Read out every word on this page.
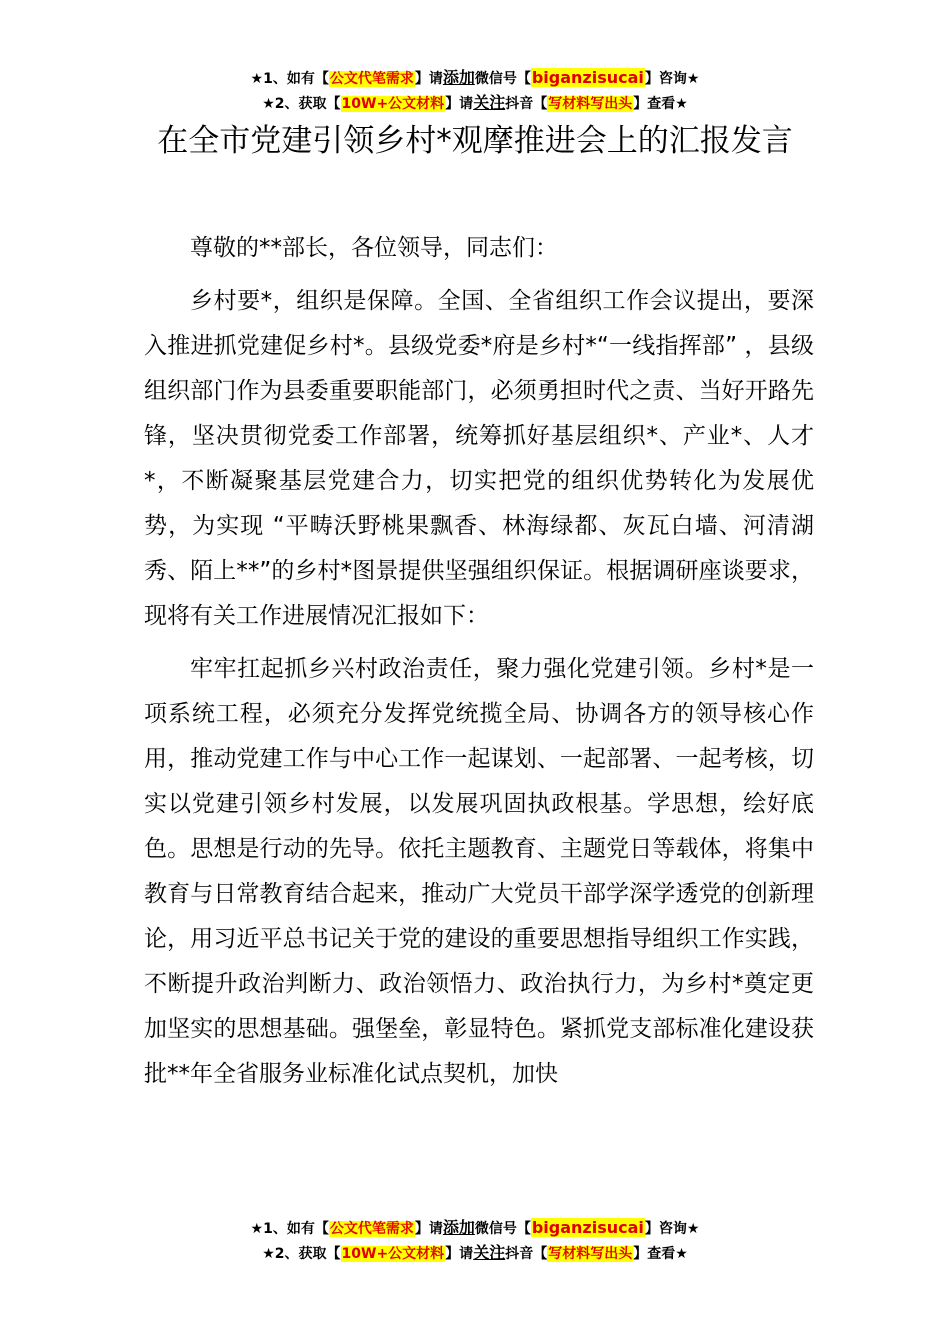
★1、如有【公文代笔需求】请添加微信号【biganzisucai】咨询★
★2、获取【10W+公文材料】请关注抖音【写材料写出头】查看★
在全市党建引领乡村*观摩推进会上的汇报发言

尊敬的**部长，各位领导，同志们：

乡村要*，组织是保障。全国、全省组织工作会议提出，要深入推进抓党建促乡村*。县级党委*府是乡村*“一线指挥部” ，县级组织部门作为县委重要职能部门，必须勇担时代之责、当好开路先锋，坚决贯彻党委工作部署，统筹抓好基层组织*、产业*、人才*，不断凝聚基层党建合力，切实把党的组织优势转化为发展优势，为实现 “平畴沃野桃果飘香、林海绿都、灰瓦白墙、河清湖秀、陌上**”的乡村*图景提供坚强组织保证。根据调研座谈要求，现将有关工作进展情况汇报如下：

牢牢扛起抓乡兴村政治责任，聚力强化党建引领。乡村*是一项系统工程，必须充分发挥党统揽全局、协调各方的领导核心作用，推动党建工作与中心工作一起谋划、一起部署、一起考核，切实以党建引领乡村发展，以发展巩固执政根基。学思想，绘好底色。思想是行动的先导。依托主题教育、主题党日等载体，将集中教育与日常教育结合起来，推动广大党员干部学深学透党的创新理论，用习近平总书记关于党的建设的重要思想指导组织工作实践，不断提升政治判断力、政治领悟力、政治执行力，为乡村*奠定更加坚实的思想基础。强堡垒，彰显特色。紧抓党支部标准化建设获批**年全省服务业标准化试点契机，加快

★1、如有【公文代笔需求】请添加微信号【biganzisucai】咨询★
★2、获取【10W+公文材料】请关注抖音【写材料写出头】查看★
